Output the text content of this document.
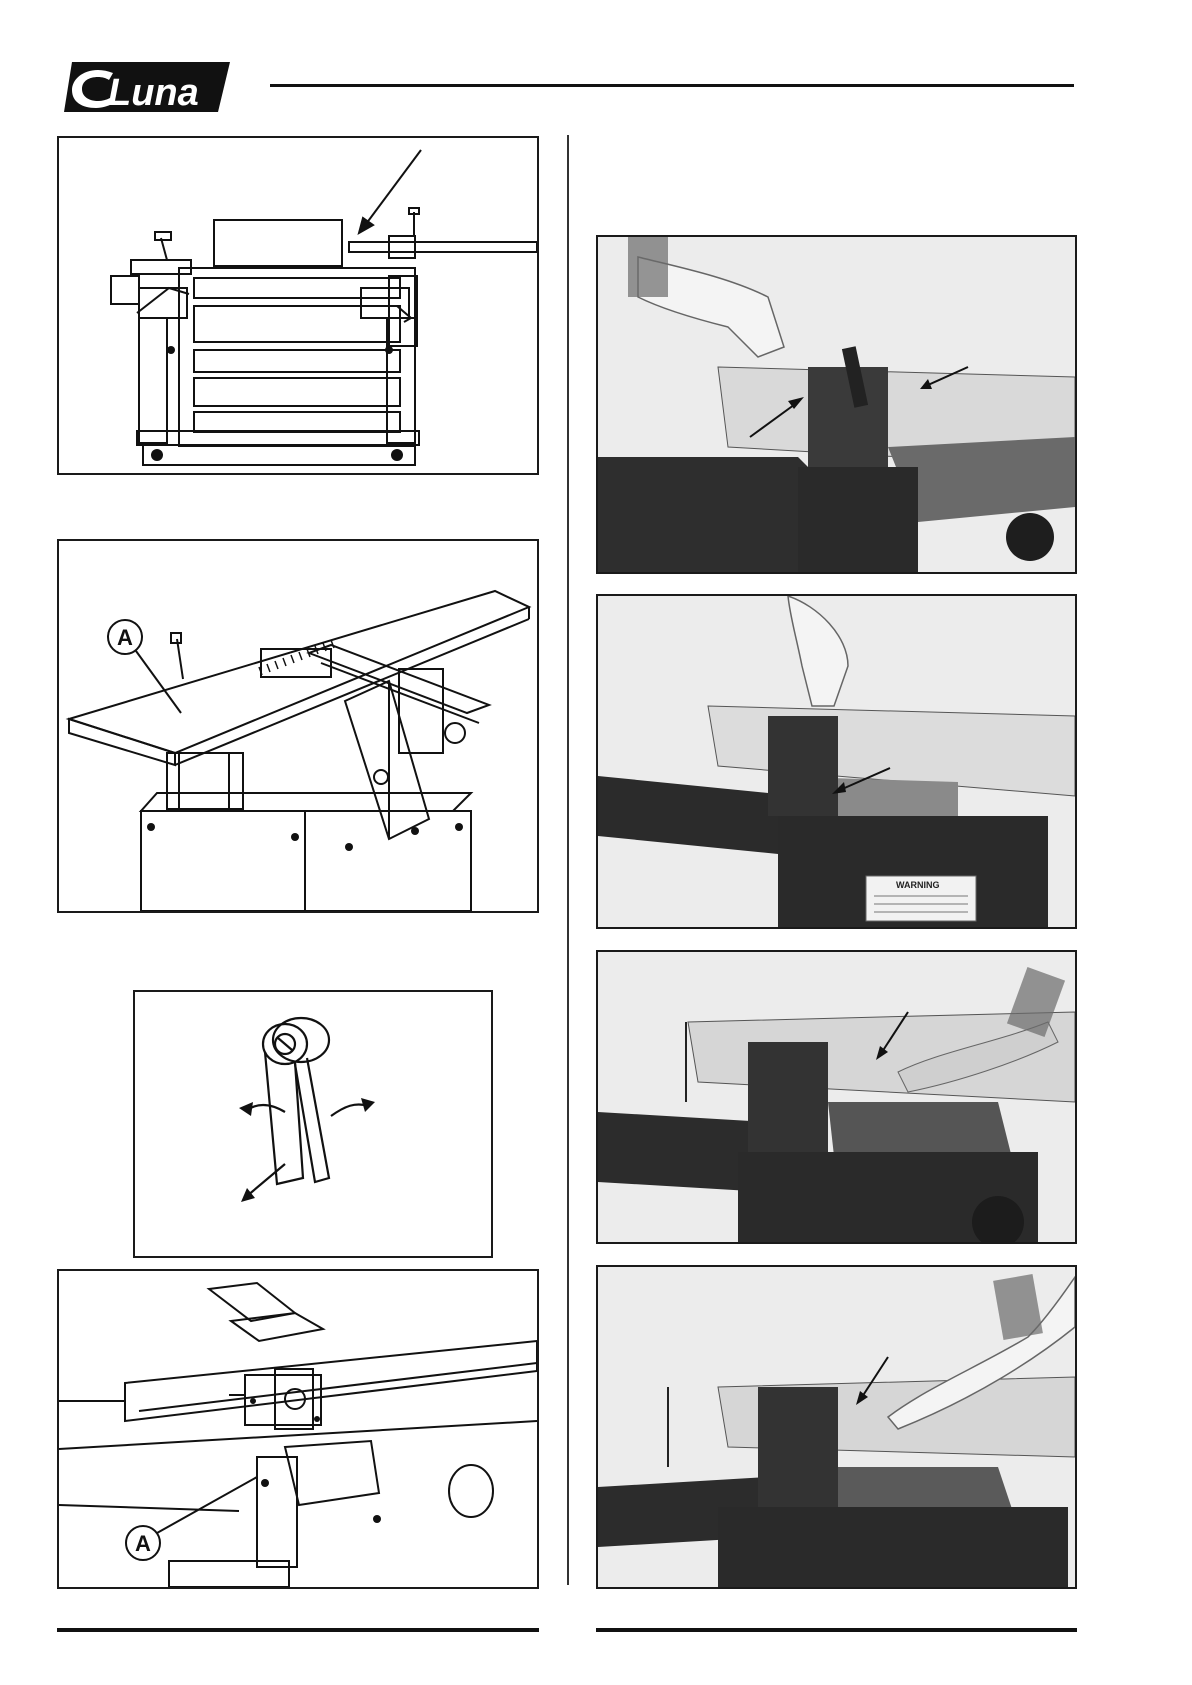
Luna
A
A
WARNING
